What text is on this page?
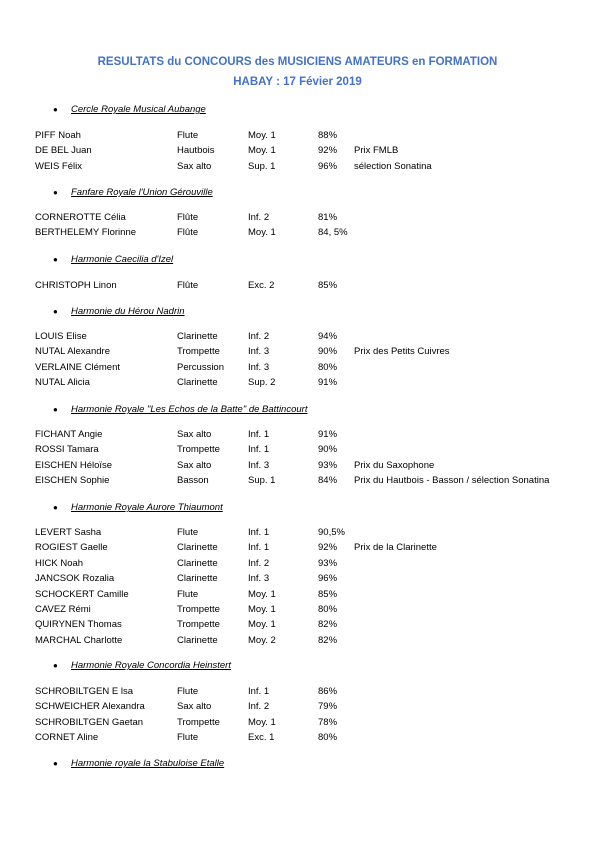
RESULTATS du CONCOURS des MUSICIENS AMATEURS en FORMATION
HABAY : 17 Févier 2019
● Cercle Royale Musical Aubange
PIFF Noah	Flute	Moy. 1	88%
DE BEL Juan	Hautbois	Moy. 1	92% Prix FMLB
WEIS Félix	Sax alto	Sup. 1	96% sélection Sonatina
● Fanfare Royale l'Union Gérouville
CORNEROTTE Célia	Flûte	Inf. 2	81%
BERTHELEMY Florinne	Flûte	Moy. 1	84, 5%
● Harmonie Caecilia d'Izel
CHRISTOPH Linon	Flûte	Exc. 2	85%
● Harmonie du Hérou Nadrin
LOUIS Elise	Clarinette	Inf. 2	94%
NUTAL Alexandre	Trompette	Inf. 3	90% Prix des Petits Cuivres
VERLAINE Clément	Percussion	Inf. 3	80%
NUTAL Alicia	Clarinette	Sup. 2	91%
● Harmonie Royale "Les Echos de la Batte" de Battincourt
FICHANT Angie	Sax alto	Inf. 1	91%
ROSSI Tamara	Trompette	Inf. 1	90%
EISCHEN Héloïse	Sax alto	Inf. 3	93% Prix du Saxophone
EISCHEN Sophie	Basson	Sup. 1	84% Prix du Hautbois - Basson / sélection Sonatina
● Harmonie Royale Aurore Thiaumont
LEVERT Sasha	Flute	Inf. 1	90,5%
ROGIEST Gaelle	Clarinette	Inf. 1	92% Prix de la Clarinette
HICK Noah	Clarinette	Inf. 2	93%
JANCSOK Rozalia	Clarinette	Inf. 3	96%
SCHOCKERT Camille	Flute	Moy. 1	85%
CAVEZ Rémi	Trompette	Moy. 1	80%
QUIRYNEN Thomas	Trompette	Moy. 1	82%
MARCHAL Charlotte	Clarinette	Moy. 2	82%
● Harmonie Royale Concordia Heinstert
SCHROBILTGEN E lsa	Flute	Inf. 1	86%
SCHWEICHER Alexandra	Sax alto	Inf. 2	79%
SCHROBILTGEN Gaetan	Trompette	Moy. 1	78%
CORNET Aline	Flute	Exc. 1	80%
● Harmonie royale la Stabuloise Etalle
